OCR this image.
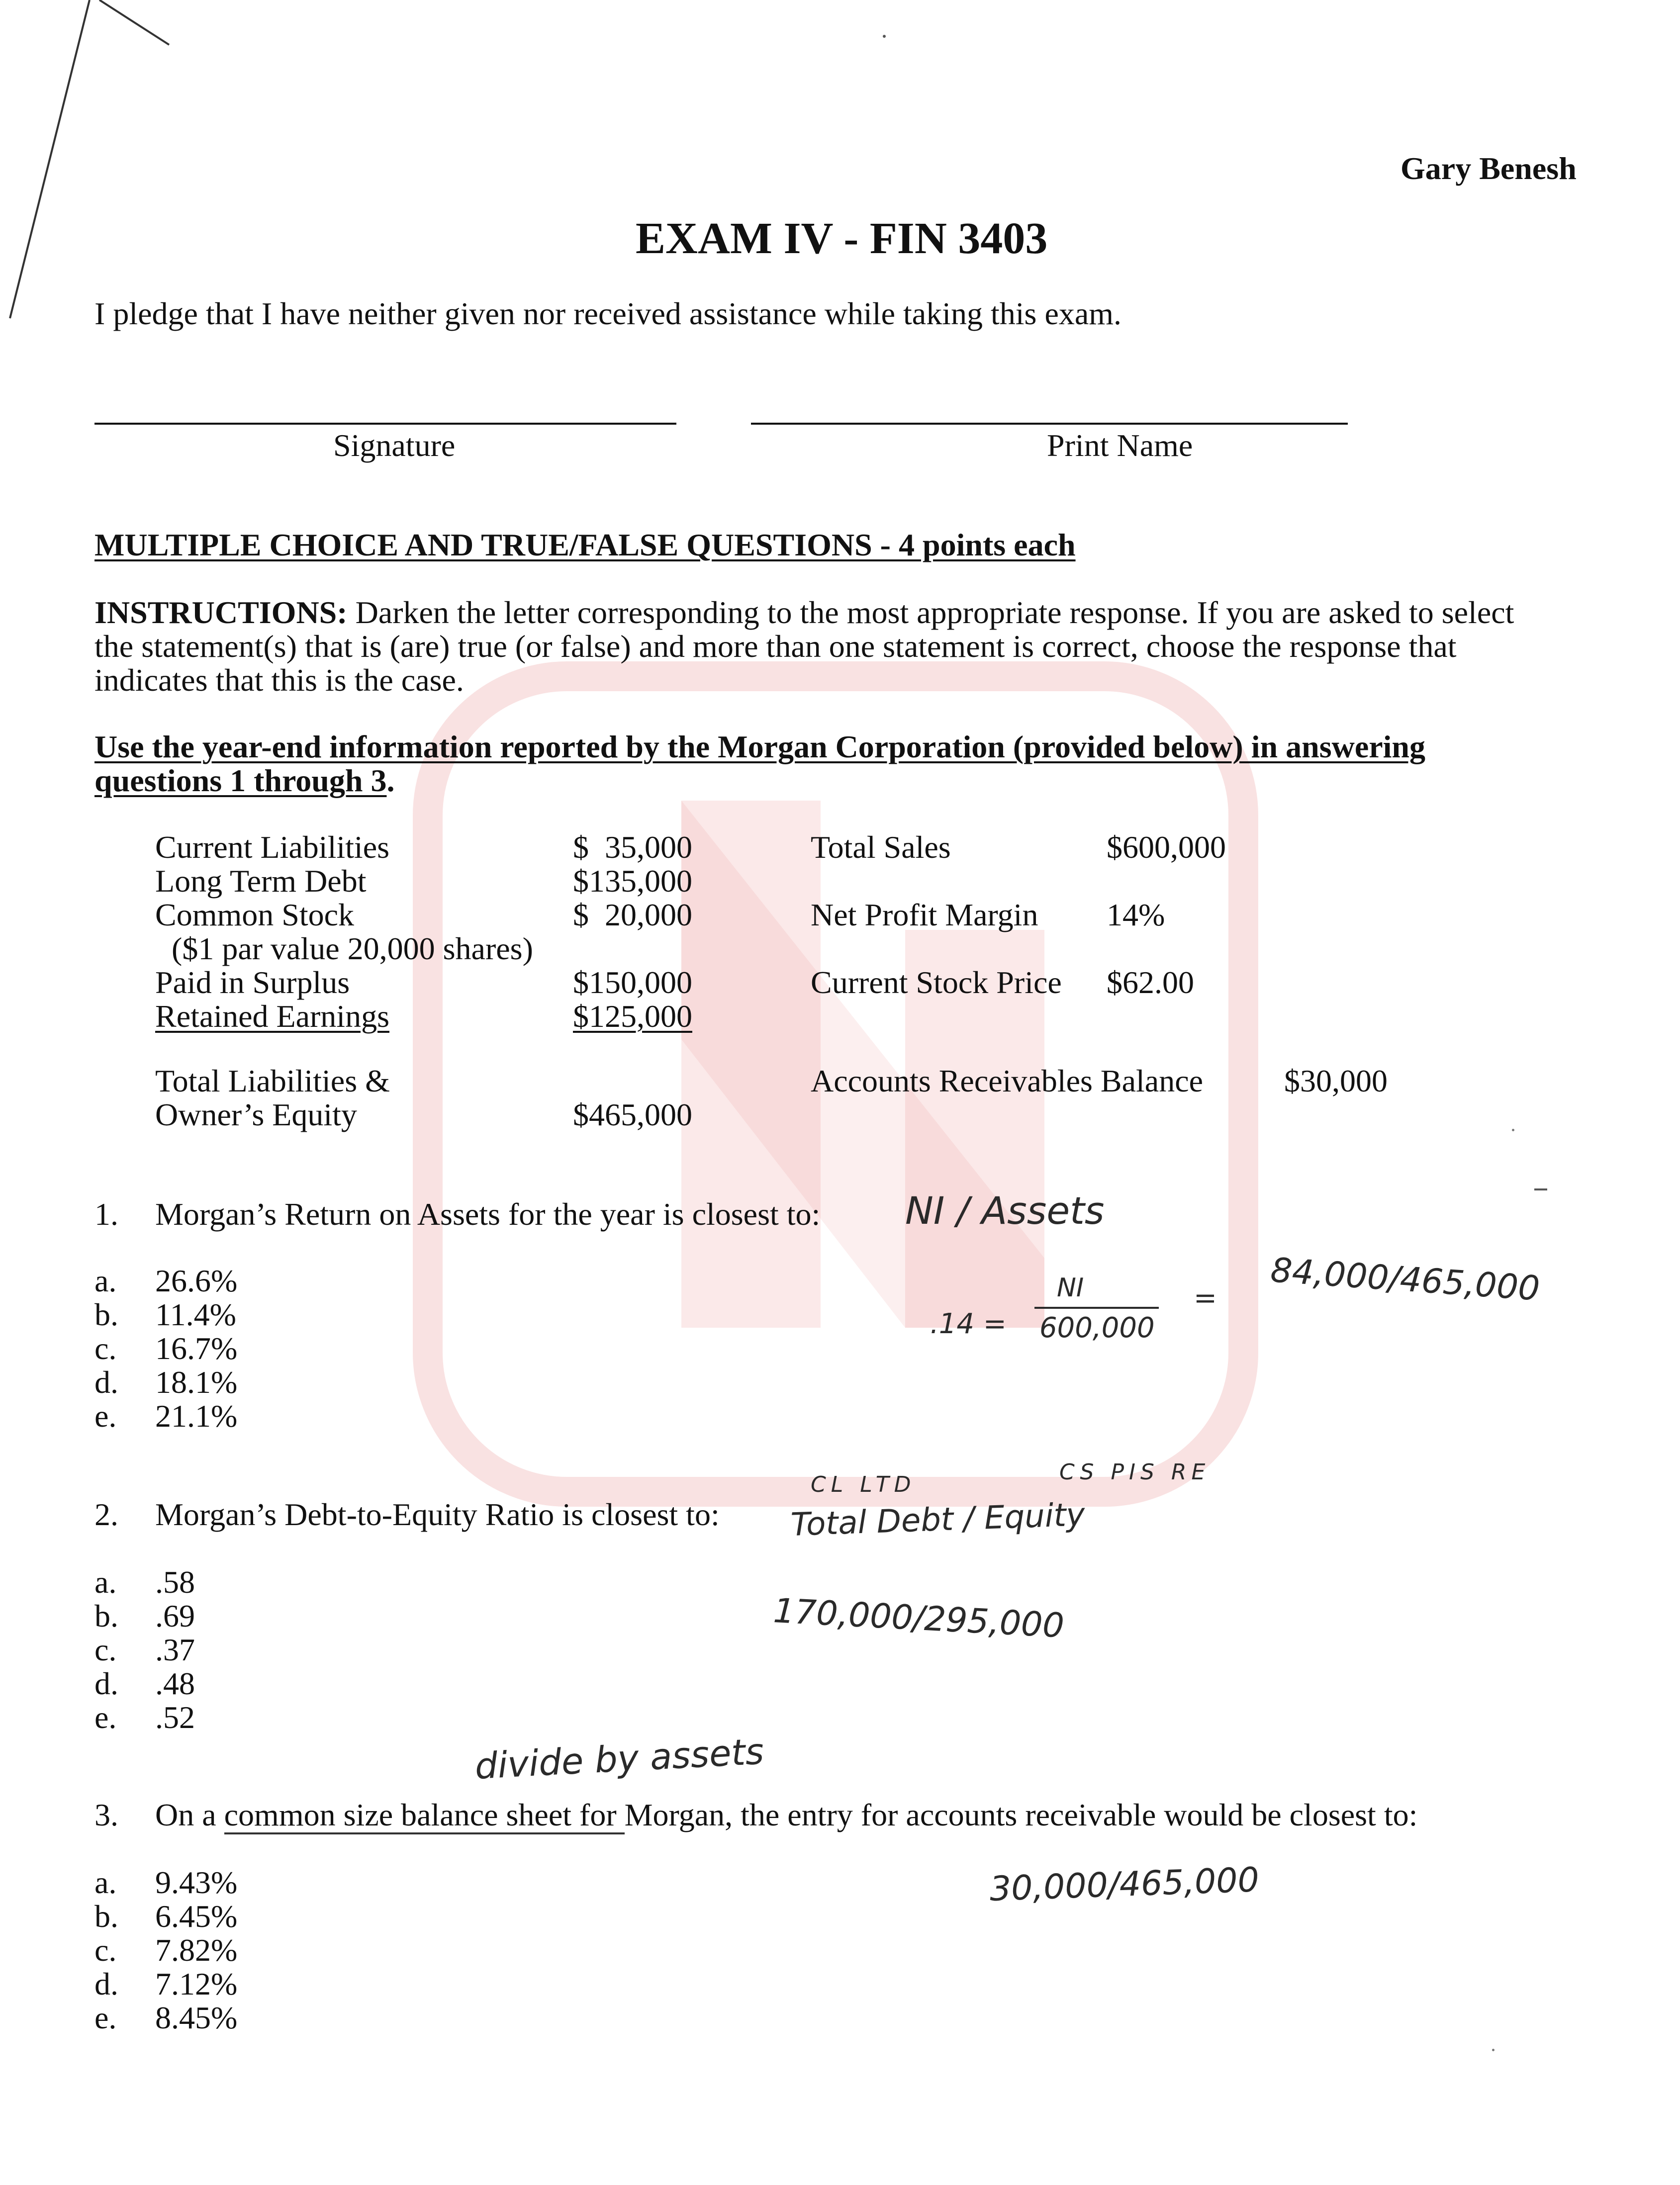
Gary Benesh
EXAM IV - FIN 3403
I pledge that I have neither given nor received assistance while taking this exam.
Signature	Print Name
MULTIPLE CHOICE AND TRUE/FALSE QUESTIONS - 4 points each
INSTRUCTIONS: Darken the letter corresponding to the most appropriate response. If you are asked to select
the statement(s) that is (are) true (or false) and more than one statement is correct, choose the response that
indicates that this is the case.
Use the year-end information reported by the Morgan Corporation (provided below) in answering
questions 1 through 3.
Current Liabilities	$  35,000
Long Term Debt	$135,000
Common Stock	$  20,000
($1 par value 20,000 shares)
Paid in Surplus	$150,000
Retained Earnings	$125,000
Total Liabilities &
Owner’s Equity	$465,000
Total Sales	$600,000
Net Profit Margin 14%
Current Stock Price $62.00
Accounts Receivables Balance	$30,000
1. Morgan’s Return on Assets for the year is closest to:
a. 26.6%
b. 11.4%
c. 16.7%
d. 18.1%
e. 21.1%
2. Morgan’s Debt-to-Equity Ratio is closest to:
a. .58
b. .69
c. .37
d. .48
e. .52
3. On a common size balance sheet for Morgan, the entry for accounts receivable would be closest to:
a. 9.43%
b. 6.45%
c. 7.82%
d. 7.12%
e. 8.45%
NI / Assets
NI
.14 = 600,000
= 84,000/465,000
CL LTD	CS PIS RE
Total Debt / Equity
170,000/295,000
divide by assets
30,000/465,000
